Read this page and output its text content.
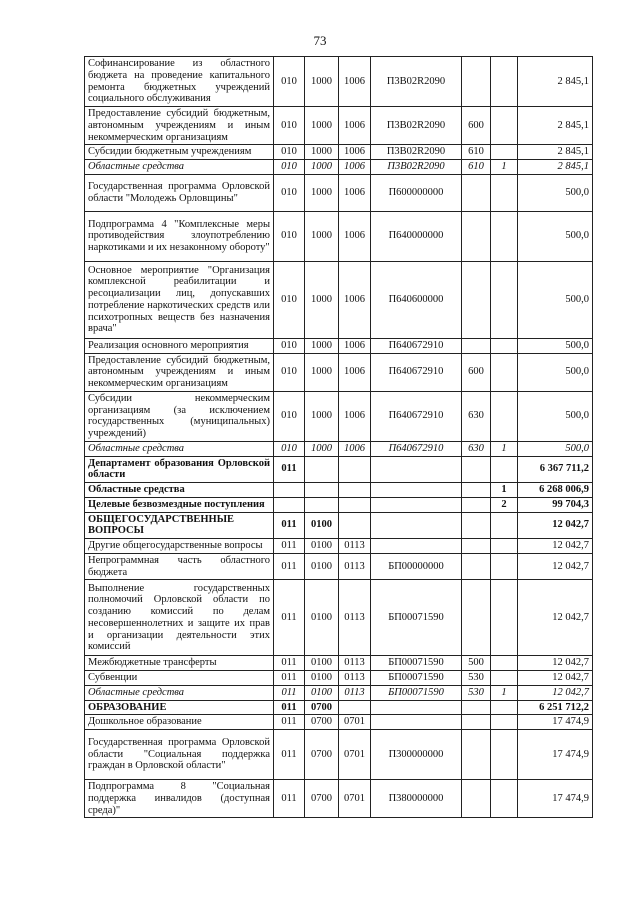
73
Софинансирование из областного бюджета на проведение капитального ремонта бюджетных учреждений социального обслуживания	010	1000	1006	П3В02R2090			2 845,1
Предоставление субсидий бюджетным, автономным учреждениям и иным некоммерческим организациям	010	1000	1006	П3В02R2090	600		2 845,1
Субсидии бюджетным учреждениям	010	1000	1006	П3В02R2090	610		2 845,1
Областные средства	010	1000	1006	П3В02R2090	610	1	2 845,1
Государственная программа Орловской области "Молодежь Орловщины"	010	1000	1006	П600000000			500,0
Подпрограмма 4 "Комплексные меры противодействия злоупотреблению наркотиками и их незаконному обороту"	010	1000	1006	П640000000			500,0
Основное мероприятие "Организация комплексной реабилитации и ресоциализации лиц, допускавших потребление наркотических средств или психотропных веществ без назначения врача"	010	1000	1006	П640600000			500,0
Реализация основного мероприятия	010	1000	1006	П640672910			500,0
Предоставление субсидий бюджетным, автономным учреждениям и иным некоммерческим организациям	010	1000	1006	П640672910	600		500,0
Субсидии некоммерческим организациям (за исключением государственных (муниципальных) учреждений)	010	1000	1006	П640672910	630		500,0
Областные средства	010	1000	1006	П640672910	630	1	500,0
Департамент образования Орловской области	011						6 367 711,2
Областные средства						1	6 268 006,9
Целевые безвозмездные поступления						2	99 704,3
ОБЩЕГОСУДАРСТВЕННЫЕ ВОПРОСЫ	011	0100					12 042,7
Другие общегосударственные вопросы	011	0100	0113				12 042,7
Непрограммная часть областного бюджета	011	0100	0113	БП00000000			12 042,7
Выполнение государственных полномочий Орловской области по созданию комиссий по делам несовершеннолетних и защите их прав и организации деятельности этих комиссий	011	0100	0113	БП00071590			12 042,7
Межбюджетные трансферты	011	0100	0113	БП00071590	500		12 042,7
Субвенции	011	0100	0113	БП00071590	530		12 042,7
Областные средства	011	0100	0113	БП00071590	530	1	12 042,7
ОБРАЗОВАНИЕ	011	0700					6 251 712,2
Дошкольное образование	011	0700	0701				17 474,9
Государственная программа Орловской области "Социальная поддержка граждан в Орловской области"	011	0700	0701	П300000000			17 474,9
Подпрограмма 8 "Социальная поддержка инвалидов (доступная среда)"	011	0700	0701	П380000000			17 474,9
